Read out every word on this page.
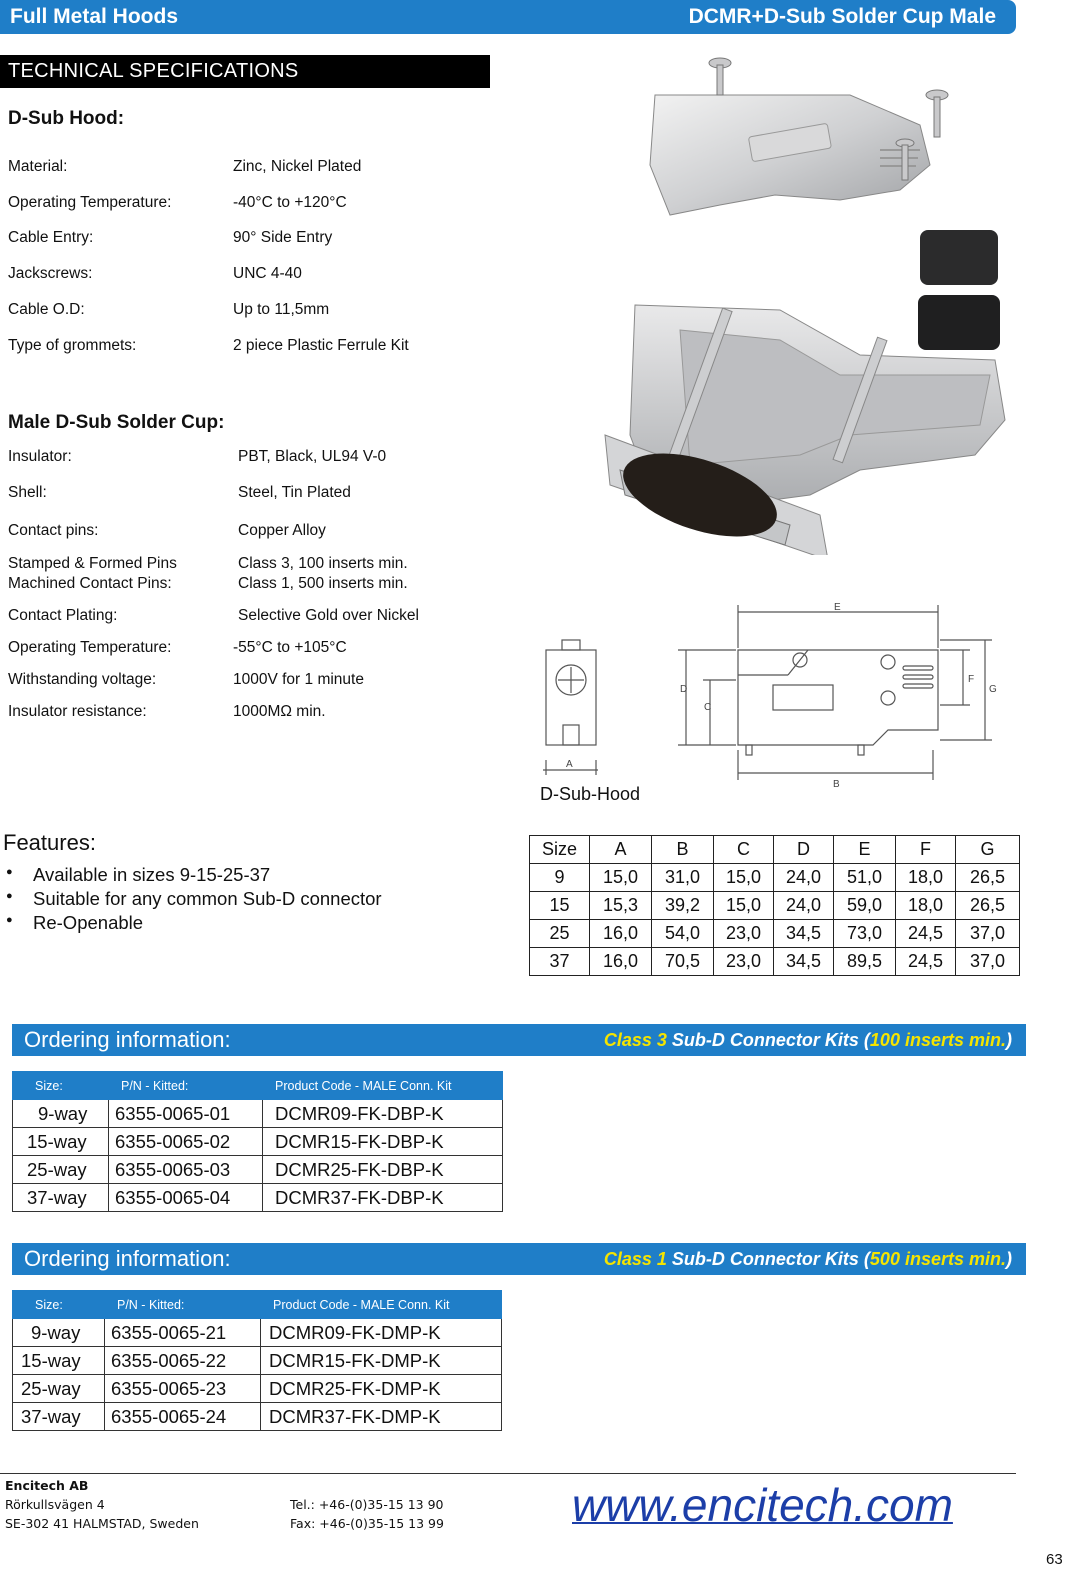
Full Metal Hoods	DCMR+D-Sub Solder Cup Male
TECHNICAL SPECIFICATIONS
D-Sub Hood:
Material:	Zinc, Nickel Plated
Operating Temperature:	-40°C to +120°C
Cable Entry:	90° Side Entry
Jackscrews:	UNC 4-40
Cable O.D:	Up to 11,5mm
Type of grommets:	2 piece Plastic Ferrule Kit
Male D-Sub Solder Cup:
Insulator:	PBT, Black, UL94 V-0
Shell:	Steel, Tin Plated
Contact pins:	Copper Alloy
Stamped & Formed Pins	Class 3, 100 inserts min.
Machined Contact Pins:	Class 1, 500 inserts min.
Contact Plating:	Selective Gold over Nickel
Operating Temperature:	-55°C to +105°C
Withstanding voltage:	1000V for 1 minute
Insulator resistance:	1000MΩ min.
A
B
C
D
E
F
G
D-Sub-Hood
Features:
● Available in sizes 9-15-25-37
● Suitable for any common Sub-D connector
● Re-Openable
Size	A	B	C	D	E	F	G
9	15,0	31,0	15,0	24,0	51,0	18,0	26,5
15	15,3	39,2	15,0	24,0	59,0	18,0	26,5
25	16,0	54,0	23,0	34,5	73,0	24,5	37,0
37	16,0	70,5	23,0	34,5	89,5	24,5	37,0
Ordering information:	Class 3 Sub-D Connector Kits (100 inserts min.)
Size:	P/N - Kitted:	Product Code - MALE Conn. Kit
9-way	6355-0065-01	DCMR09-FK-DBP-K
15-way	6355-0065-02	DCMR15-FK-DBP-K
25-way	6355-0065-03	DCMR25-FK-DBP-K
37-way	6355-0065-04	DCMR37-FK-DBP-K
Ordering information:	Class 1 Sub-D Connector Kits (500 inserts min.)
Size:	P/N - Kitted:	Product Code - MALE Conn. Kit
9-way	6355-0065-21	DCMR09-FK-DMP-K
15-way	6355-0065-22	DCMR15-FK-DMP-K
25-way	6355-0065-23	DCMR25-FK-DMP-K
37-way	6355-0065-24	DCMR37-FK-DMP-K
Encitech AB
Rörkullsvägen 4
SE-302 41 HALMSTAD, Sweden
Tel.: +46-(0)35-15 13 90
Fax: +46-(0)35-15 13 99	www.encitech.com
63
